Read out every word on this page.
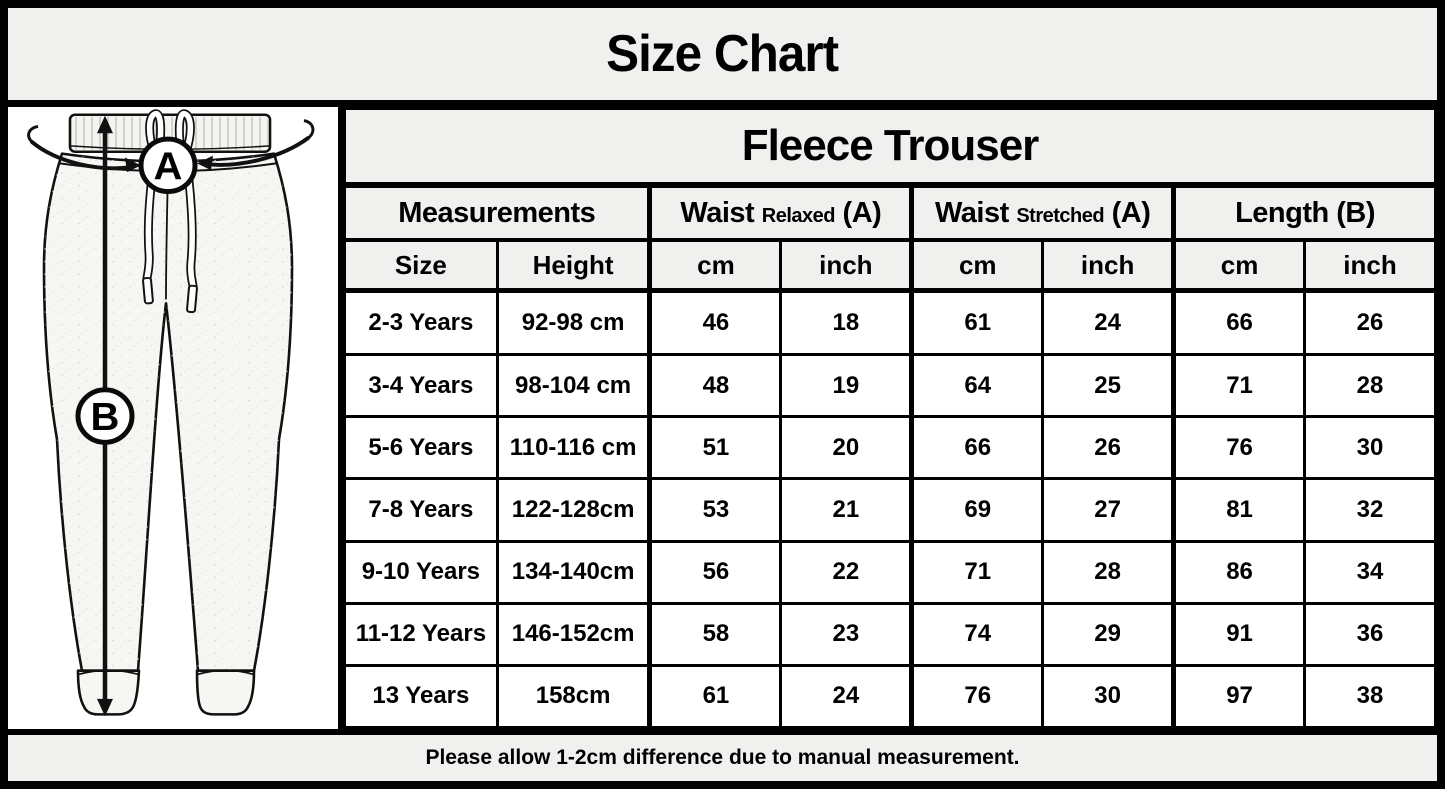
Size Chart
A
B
Fleece Trouser							
Measurements		Waist Relaxed (A)		Waist Stretched (A)		Length (B)	
Size	Height	cm	inch	cm	inch	cm	inch
2-3 Years	92-98 cm	46	18	61	24	66	26
3-4 Years	98-104 cm	48	19	64	25	71	28
5-6 Years	110-116 cm	51	20	66	26	76	30
7-8 Years	122-128cm	53	21	69	27	81	32
9-10 Years	134-140cm	56	22	71	28	86	34
11-12 Years	146-152cm	58	23	74	29	91	36
13 Years	158cm	61	24	76	30	97	38

Please allow 1-2cm difference due to manual measurement.
